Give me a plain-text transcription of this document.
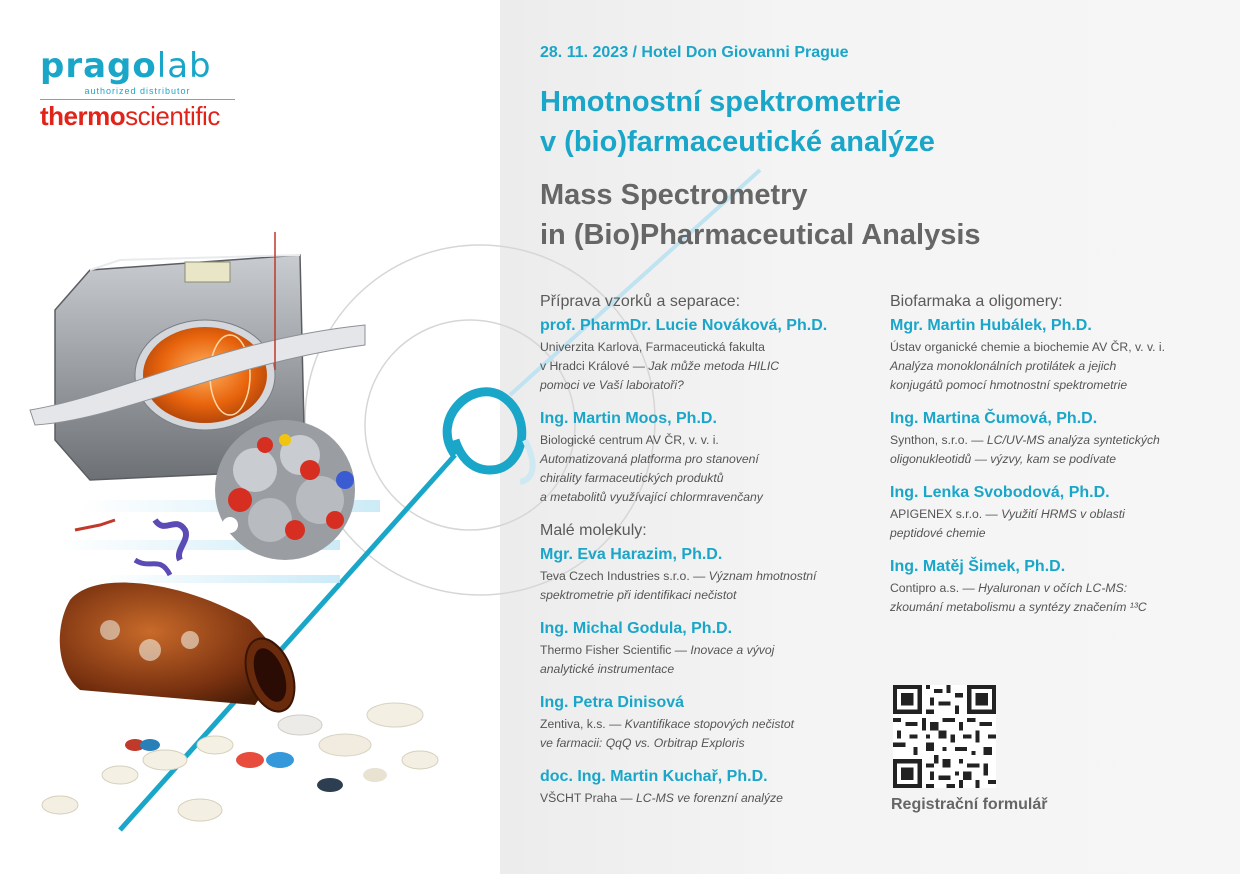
pragolab
authorized distributor
thermoscientific
28. 11. 2023 / Hotel Don Giovanni Prague
Hmotnostní spektrometrie
v (bio)farmaceutické analýze
Mass Spectrometry
in (Bio)Pharmaceutical Analysis
Příprava vzorků a separace:
prof. PharmDr. Lucie Nováková, Ph.D.
Univerzita Karlova, Farmaceutická fakulta
v Hradci Králové — Jak může metoda HILIC
pomoci ve Vaší laboratoři?
Ing. Martin Moos, Ph.D.
Biologické centrum AV ČR, v. v. i.
Automatizovaná platforma pro stanovení
chirality farmaceutických produktů
a metabolitů využívající chlormravenčany
Malé molekuly:
Mgr. Eva Harazim, Ph.D.
Teva Czech Industries s.r.o. — Význam hmotnostní
spektrometrie při identifikaci nečistot
Ing. Michal Godula, Ph.D.
Thermo Fisher Scientific — Inovace a vývoj
analytické instrumentace
Ing. Petra Dinisová
Zentiva, k.s. — Kvantifikace stopových nečistot
ve farmacii: QqQ vs. Orbitrap Exploris
doc. Ing. Martin Kuchař, Ph.D.
VŠCHT Praha — LC-MS ve forenzní analýze
Biofarmaka a oligomery:
Mgr. Martin Hubálek, Ph.D.
Ústav organické chemie a biochemie AV ČR, v. v. i.
Analýza monoklonálních protilátek a jejich
konjugátů pomocí hmotnostní spektrometrie
Ing. Martina Čumová, Ph.D.
Synthon, s.r.o. — LC/UV-MS analýza syntetických
oligonukleotidů — výzvy, kam se podívate
Ing. Lenka Svobodová, Ph.D.
APIGENEX s.r.o. — Využití HRMS v oblasti
peptidové chemie
Ing. Matěj Šimek, Ph.D.
Contipro a.s. — Hyaluronan v očích LC-MS:
zkoumání metabolismu a syntézy značením ¹³C
Registrační formulář
